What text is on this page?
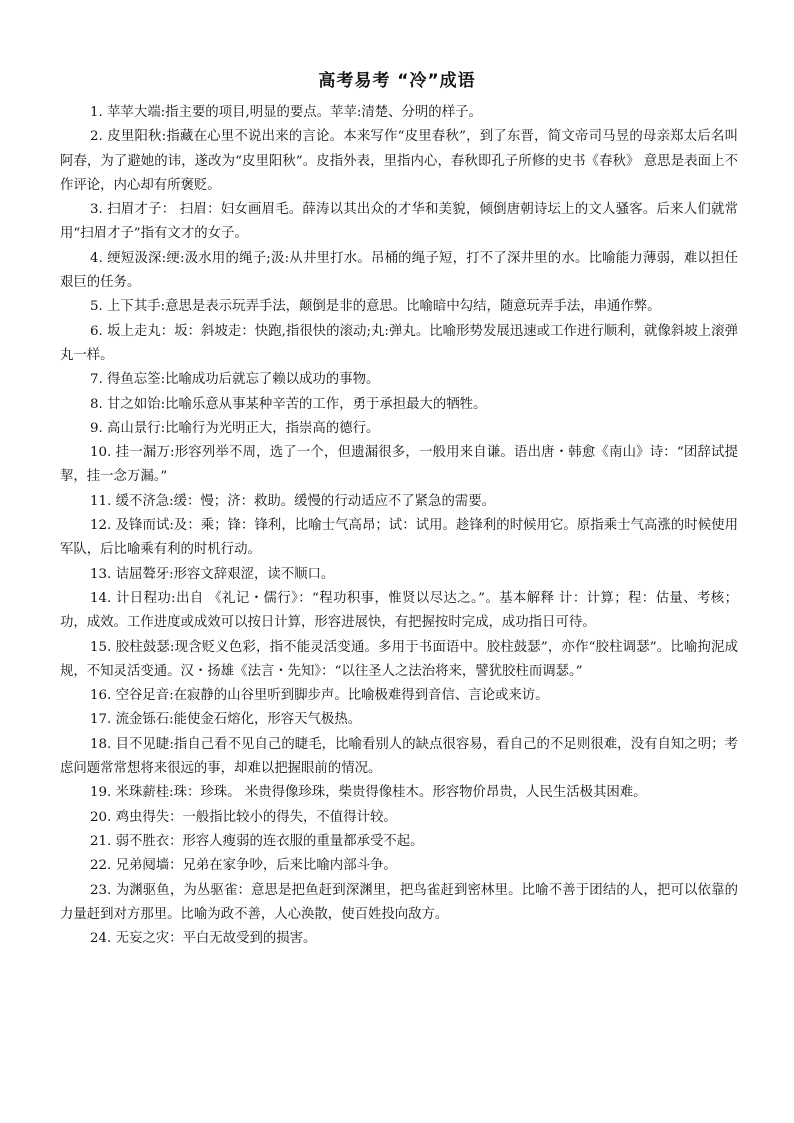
高考易考 “冷”成语

1. 苹苹大端:指主要的项目,明显的要点。苹苹:清楚、分明的样子。

2. 皮里阳秋:指藏在心里不说出来的言论。本来写作“皮里春秋”，到了东晋，简文帝司马昱的母亲郑太后名叫阿春，为了避她的讳，遂改为“皮里阳秋”。皮指外表，里指内心，春秋即孔子所修的史书《春秋》 意思是表面上不作评论，内心却有所褒贬。

3. 扫眉才子： 扫眉：妇女画眉毛。薛涛以其出众的才华和美貌，倾倒唐朝诗坛上的文人骚客。后来人们就常用“扫眉才子”指有文才的女子。

4. 绠短汲深:绠:汲水用的绳子;汲:从井里打水。吊桶的绳子短，打不了深井里的水。比喻能力薄弱，难以担任艰巨的任务。

5. 上下其手:意思是表示玩弄手法，颠倒是非的意思。比喻暗中勾结，随意玩弄手法，串通作弊。

6. 坂上走丸：坂：斜坡走：快跑,指很快的滚动;丸:弹丸。比喻形势发展迅速或工作进行顺利，就像斜坡上滚弹丸一样。

7. 得鱼忘筌:比喻成功后就忘了赖以成功的事物。

8. 甘之如饴:比喻乐意从事某种辛苦的工作，勇于承担最大的牺牲。

9. 高山景行:比喻行为光明正大，指崇高的德行。

10. 挂一漏万:形容列举不周，选了一个，但遗漏很多，一般用来自谦。语出唐・韩愈《南山》诗：“团辞试提挈，挂一念万漏。”

11. 缓不济急:缓：慢；济：救助。缓慢的行动适应不了紧急的需要。

12. 及锋而试:及：乘；锋：锋利，比喻士气高昂；试：试用。趁锋利的时候用它。原指乘士气高涨的时候使用军队，后比喻乘有利的时机行动。

13. 诘屈聱牙:形容文辞艰涩，读不顺口。

14. 计日程功:出自 《礼记・儒行》：“程功积事，惟贤以尽达之。”。基本解释 计：计算；程：估量、考核；功，成效。工作进度或成效可以按日计算，形容进展快，有把握按时完成，成功指日可待。

15. 胶柱鼓瑟:现含贬义色彩，指不能灵活变通。多用于书面语中。胶柱鼓瑟”，亦作“胶柱调瑟”。比喻拘泥成规，不知灵活变通。汉・扬雄《法言・先知》：“以往圣人之法治将来，譬犹胶柱而调瑟。”

16. 空谷足音:在寂静的山谷里听到脚步声。比喻极难得到音信、言论或来访。

17. 流金铄石:能使金石熔化，形容天气极热。

18. 目不见睫:指自己看不见自己的睫毛，比喻看别人的缺点很容易，看自己的不足则很难，没有自知之明；考虑问题常常想将来很远的事，却难以把握眼前的情况。

19. 米珠薪桂:珠：珍珠。 米贵得像珍珠，柴贵得像桂木。形容物价昂贵，人民生活极其困难。

20. 鸡虫得失：一般指比较小的得失，不值得计较。

21. 弱不胜衣：形容人瘦弱的连衣服的重量都承受不起。

22. 兄弟阋墙：兄弟在家争吵，后来比喻内部斗争。

23. 为渊驱鱼，为丛驱雀：意思是把鱼赶到深渊里，把鸟雀赶到密林里。比喻不善于团结的人，把可以依靠的力量赶到对方那里。比喻为政不善，人心涣散，使百姓投向敌方。

24. 无妄之灾：平白无故受到的损害。
